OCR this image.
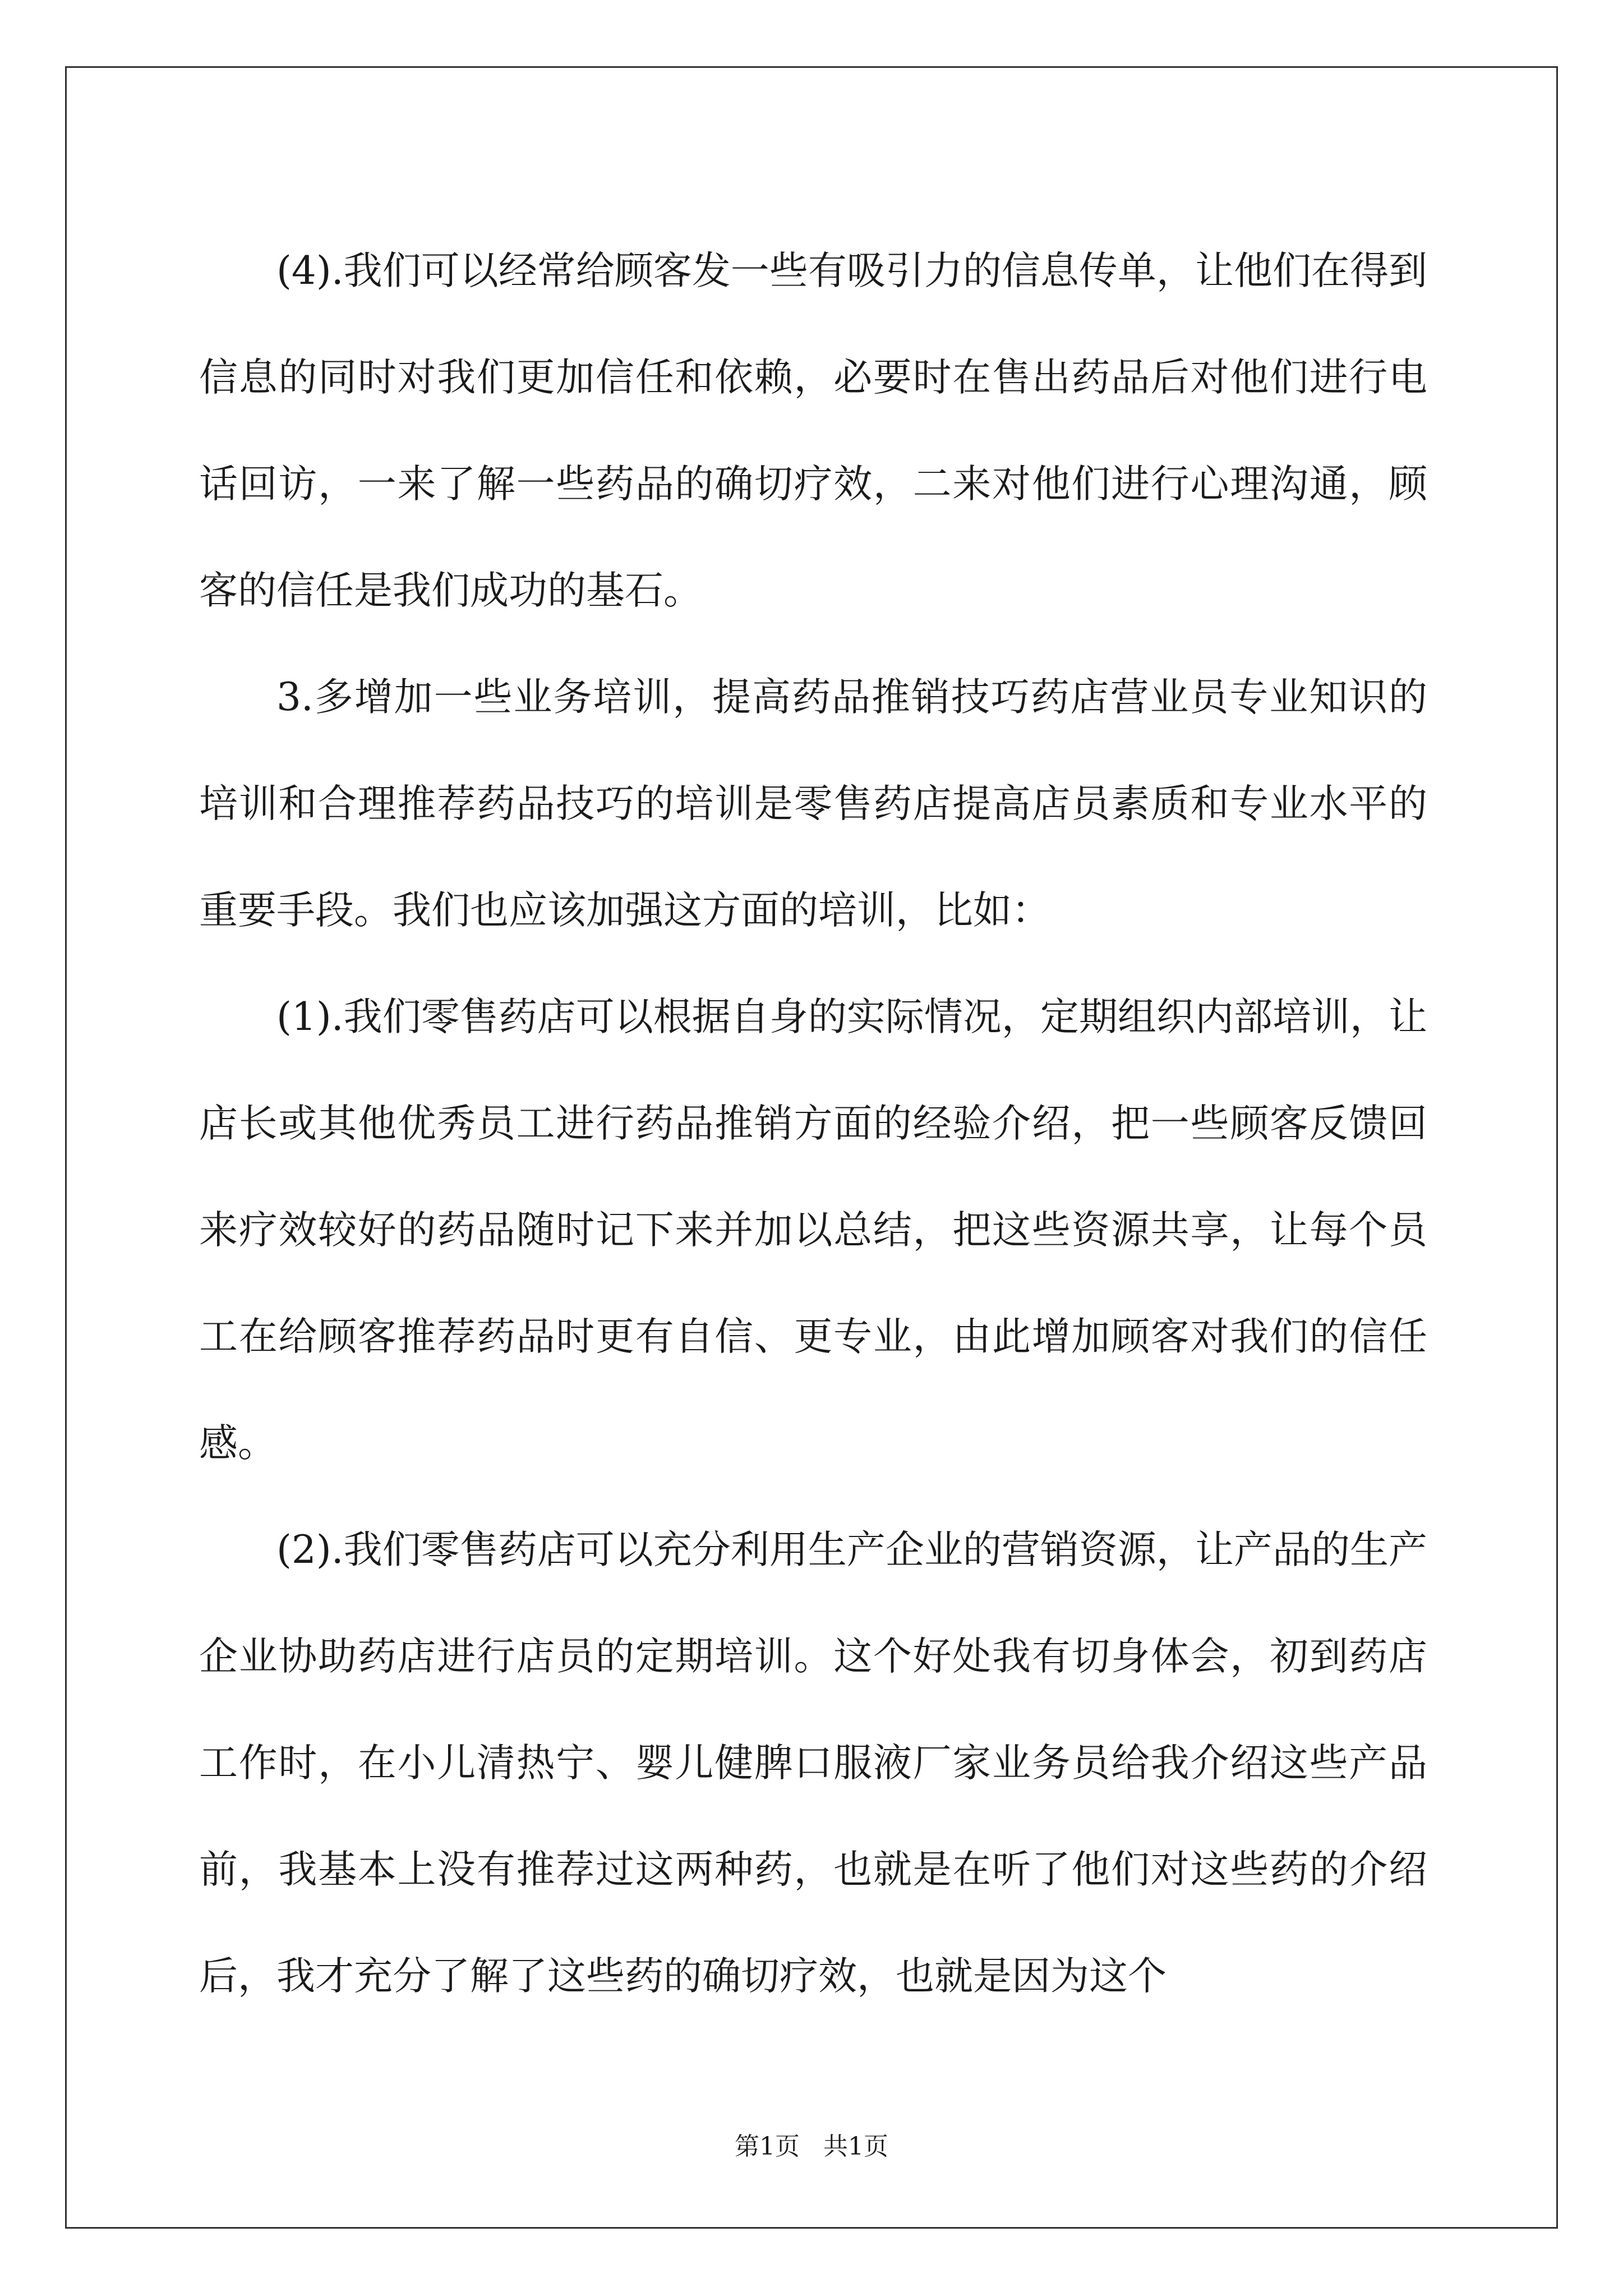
(4).我们可以经常给顾客发一些有吸引力的信息传单，让他们在得到信息的同时对我们更加信任和依赖，必要时在售出药品后对他们进行电话回访，一来了解一些药品的确切疗效，二来对他们进行心理沟通，顾客的信任是我们成功的基石。

3.多增加一些业务培训，提高药品推销技巧药店营业员专业知识的培训和合理推荐药品技巧的培训是零售药店提高店员素质和专业水平的重要手段。我们也应该加强这方面的培训，比如：

(1).我们零售药店可以根据自身的实际情况，定期组织内部培训，让店长或其他优秀员工进行药品推销方面的经验介绍，把一些顾客反馈回来疗效较好的药品随时记下来并加以总结，把这些资源共享，让每个员工在给顾客推荐药品时更有自信、更专业，由此增加顾客对我们的信任感。

(2).我们零售药店可以充分利用生产企业的营销资源，让产品的生产企业协助药店进行店员的定期培训。这个好处我有切身体会，初到药店工作时，在小儿清热宁、婴儿健脾口服液厂家业务员给我介绍这些产品前，我基本上没有推荐过这两种药，也就是在听了他们对这些药的介绍后，我才充分了解了这些药的确切疗效，也就是因为这个

第1页   共1页
